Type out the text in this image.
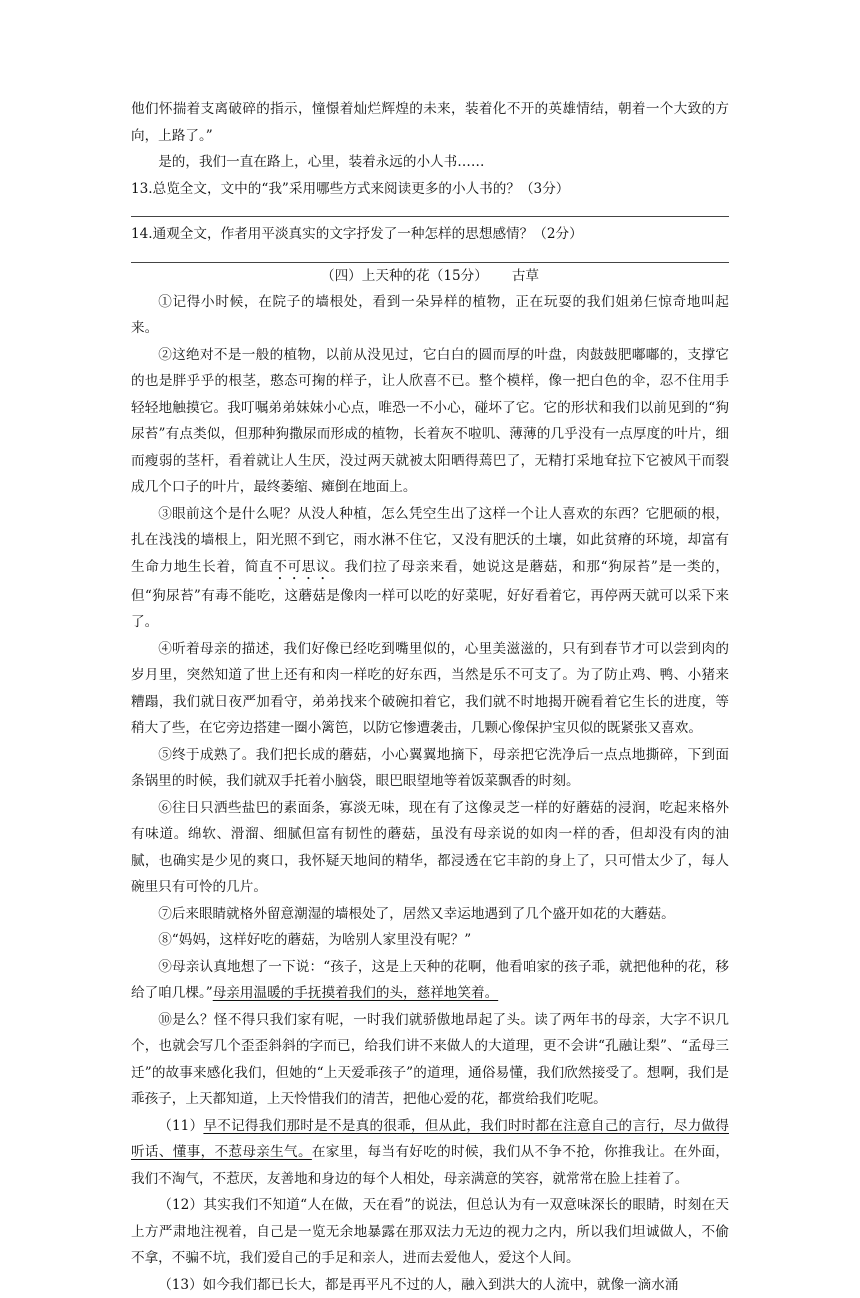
他们怀揣着支离破碎的指示，憧憬着灿烂辉煌的未来，装着化不开的英雄情结，朝着一个大致的方向，上路了。”

是的，我们一直在路上，心里，装着永远的小人书……

13.总览全文，文中的“我”采用哪些方式来阅读更多的小人书的？（3分）

14.通观全文，作者用平淡真实的文字抒发了一种怎样的思想感情？（2分）

（四）上天种的花（15分） 古草

①记得小时候，在院子的墙根处，看到一朵异样的植物，正在玩耍的我们姐弟仨惊奇地叫起来。

②这绝对不是一般的植物，以前从没见过，它白白的圆而厚的叶盘，肉鼓鼓肥嘟嘟的，支撑它的也是胖乎乎的根茎，憨态可掬的样子，让人欣喜不已。整个模样，像一把白色的伞，忍不住用手轻轻地触摸它。我叮嘱弟弟妹妹小心点，唯恐一不小心，碰坏了它。它的形状和我们以前见到的“狗尿苔”有点类似，但那种狗撒尿而形成的植物，长着灰不啦叽、薄薄的几乎没有一点厚度的叶片，细而瘦弱的茎杆，看着就让人生厌，没过两天就被太阳晒得蔫巴了，无精打采地耷拉下它被风干而裂成几个口子的叶片，最终萎缩、瘫倒在地面上。

③眼前这个是什么呢？从没人种植，怎么凭空生出了这样一个让人喜欢的东西？它肥硕的根，扎在浅浅的墙根上，阳光照不到它，雨水淋不住它，又没有肥沃的土壤，如此贫瘠的环境，却富有生命力地生长着，简直不可思议。我们拉了母亲来看，她说这是蘑菇，和那“狗尿苔”是一类的，但“狗尿苔”有毒不能吃，这蘑菇是像肉一样可以吃的好菜呢，好好看着它，再停两天就可以采下来了。

④听着母亲的描述，我们好像已经吃到嘴里似的，心里美滋滋的，只有到春节才可以尝到肉的岁月里，突然知道了世上还有和肉一样吃的好东西，当然是乐不可支了。为了防止鸡、鸭、小猪来糟蹋，我们就日夜严加看守，弟弟找来个破碗扣着它，我们就不时地揭开碗看着它生长的进度，等稍大了些，在它旁边搭建一圈小篱笆，以防它惨遭袭击，几颗心像保护宝贝似的既紧张又喜欢。

⑤终于成熟了。我们把长成的蘑菇，小心翼翼地摘下，母亲把它洗净后一点点地撕碎，下到面条锅里的时候，我们就双手托着小脑袋，眼巴眼望地等着饭菜飘香的时刻。

⑥往日只洒些盐巴的素面条，寡淡无味，现在有了这像灵芝一样的好蘑菇的浸润，吃起来格外有味道。绵软、滑溜、细腻但富有韧性的蘑菇，虽没有母亲说的如肉一样的香，但却没有肉的油腻，也确实是少见的爽口，我怀疑天地间的精华，都浸透在它丰韵的身上了，只可惜太少了，每人碗里只有可怜的几片。

⑦后来眼睛就格外留意潮湿的墙根处了，居然又幸运地遇到了几个盛开如花的大蘑菇。

⑧“妈妈，这样好吃的蘑菇，为啥别人家里没有呢？”

⑨母亲认真地想了一下说：“孩子，这是上天种的花啊，他看咱家的孩子乖，就把他种的花，移给了咱几棵。”母亲用温暖的手抚摸着我们的头，慈祥地笑着。

⑩是么？怪不得只我们家有呢，一时我们就骄傲地昂起了头。读了两年书的母亲，大字不识几个，也就会写几个歪歪斜斜的字而已，给我们讲不来做人的大道理，更不会讲“孔融让梨”、“孟母三迁”的故事来感化我们，但她的“上天爱乖孩子”的道理，通俗易懂，我们欣然接受了。想啊，我们是乖孩子，上天都知道，上天怜惜我们的清苦，把他心爱的花，都赏给我们吃呢。

（11）早不记得我们那时是不是真的很乖，但从此，我们时时都在注意自己的言行，尽力做得听话、懂事，不惹母亲生气。在家里，每当有好吃的时候，我们从不争不抢，你推我让。在外面，我们不淘气，不惹厌，友善地和身边的每个人相处，母亲满意的笑容，就常常在脸上挂着了。

（12）其实我们不知道“人在做，天在看”的说法，但总认为有一双意味深长的眼睛，时刻在天上方严肃地注视着，自己是一览无余地暴露在那双法力无边的视力之内，所以我们坦诚做人，不偷不拿，不骗不坑，我们爱自己的手足和亲人，进而去爱他人，爱这个人间。

（13）如今我们都已长大，都是再平凡不过的人，融入到洪大的人流中，就像一滴水涌
